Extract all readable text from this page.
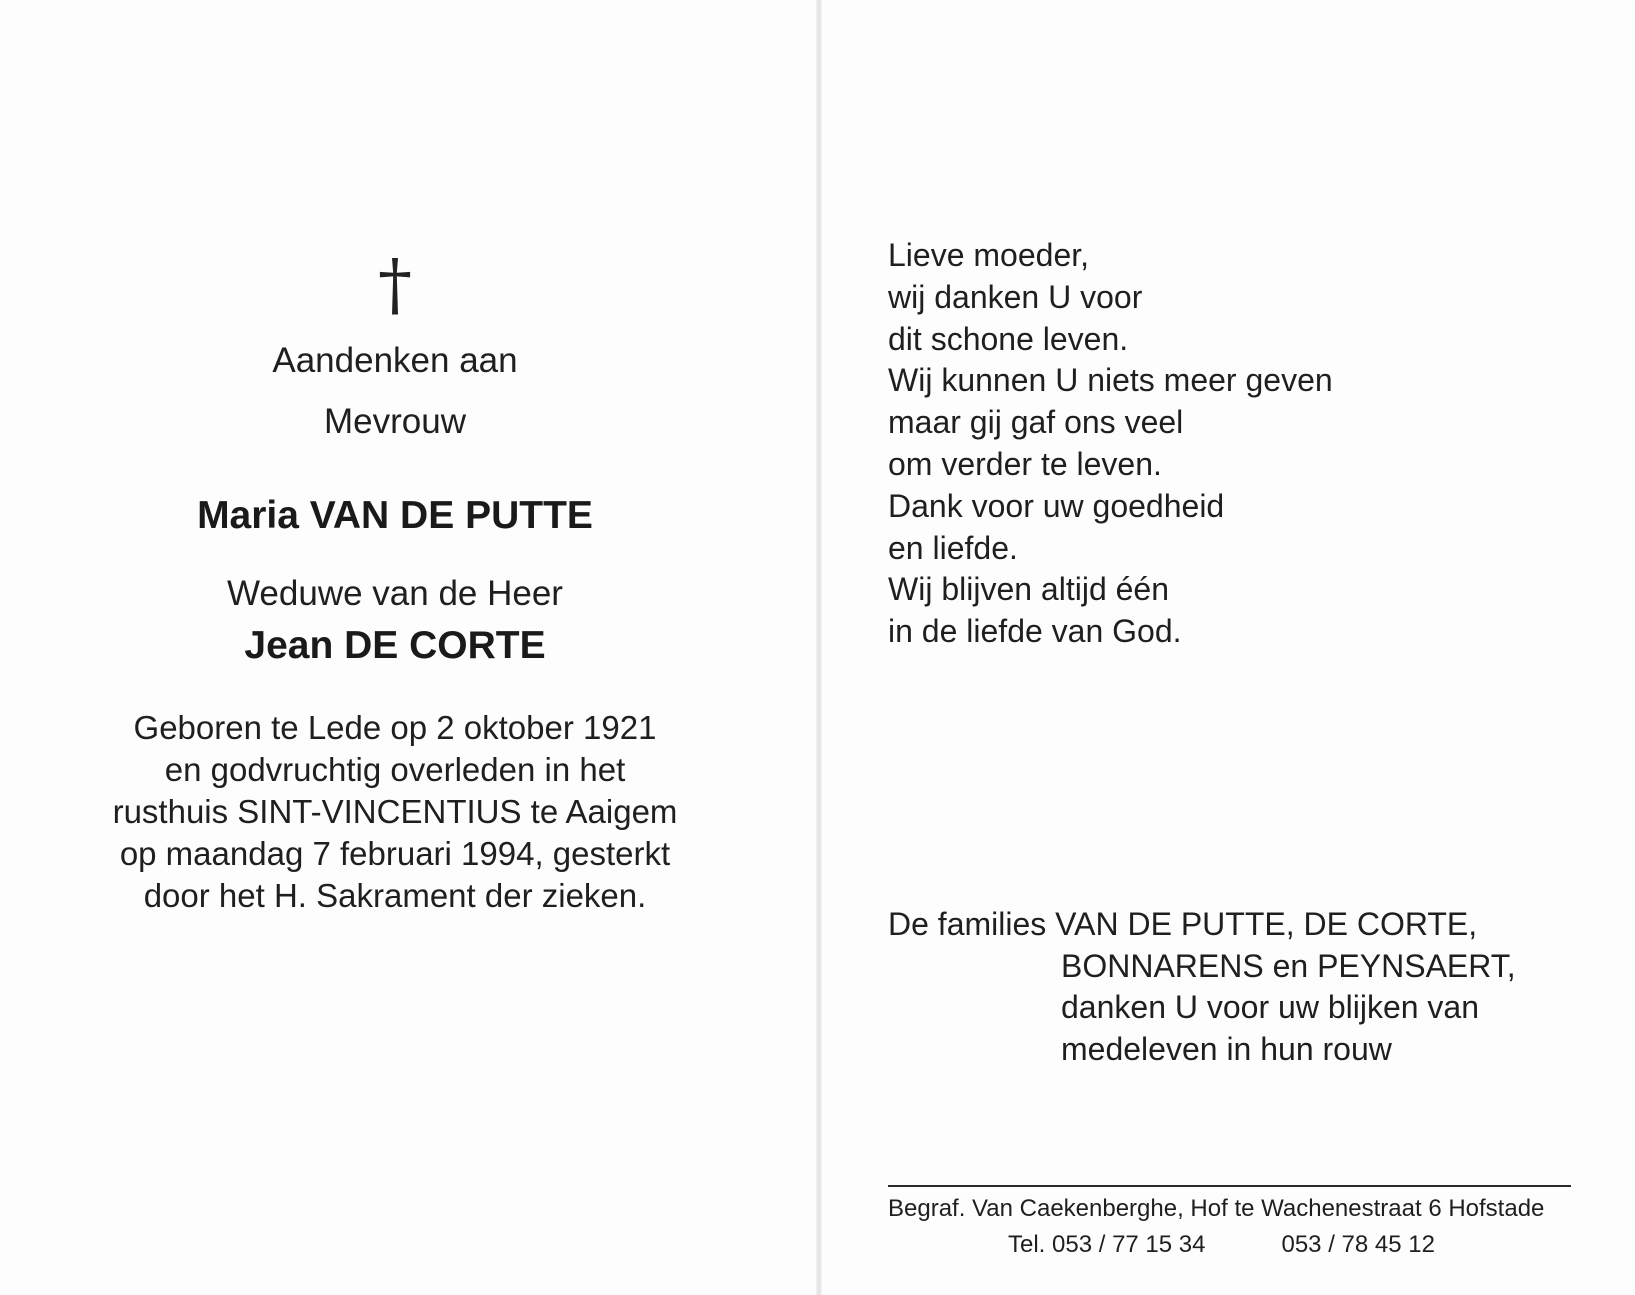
†
Aandenken aan
Mevrouw
Maria VAN DE PUTTE
Weduwe van de Heer
Jean DE CORTE
Geboren te Lede op 2 oktober 1921
en godvruchtig overleden in het
rusthuis SINT-VINCENTIUS te Aaigem
op maandag 7 februari 1994, gesterkt
door het H. Sakrament der zieken.
Lieve moeder,
wij danken U voor
dit schone leven.
Wij kunnen U niets meer geven
maar gij gaf ons veel
om verder te leven.
Dank voor uw goedheid
en liefde.
Wij blijven altijd één
in de liefde van God.
De families VAN DE PUTTE, DE CORTE,
BONNARENS en PEYNSAERT,
danken U voor uw blijken van
medeleven in hun rouw
Begraf. Van Caekenberghe, Hof te Wachenestraat 6 Hofstade
Tel. 053 / 77 15 34	053 / 78 45 12
